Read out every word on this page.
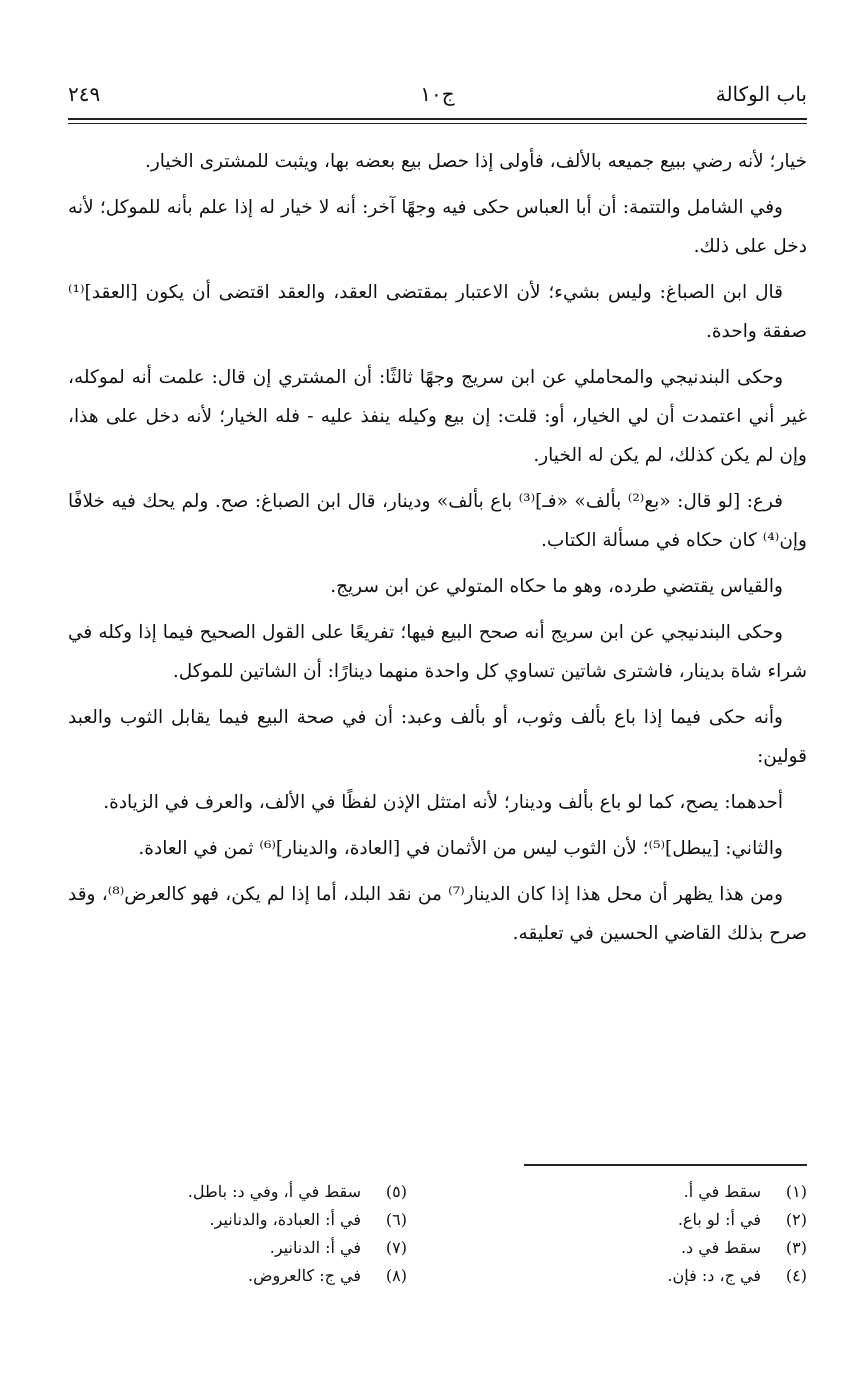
٢٤٩	ج١٠	باب الوكالة

خيار؛ لأنه رضي ببيع جميعه بالألف، فأولى إذا حصل بيع بعضه بها، ويثبت للمشترى الخيار.

وفي الشامل والتتمة: أن أبا العباس حكى فيه وجهًا آخر: أنه لا خيار له إذا علم بأنه للموكل؛ لأنه دخل على ذلك.

قال ابن الصباغ: وليس بشيء؛ لأن الاعتبار بمقتضى العقد، والعقد اقتضى أن يكون [العقد]⁽¹⁾ صفقة واحدة.

وحكى البندنيجي والمحاملي عن ابن سريج وجهًا ثالثًا: أن المشتري إن قال: علمت أنه لموكله، غير أني اعتمدت أن لي الخيار، أو: قلت: إن بيع وكيله ينفذ عليه - فله الخيار؛ لأنه دخل على هذا، وإن لم يكن كذلك، لم يكن له الخيار.

فرع: [لو قال: «بع⁽²⁾ بألف» «فـ]⁽³⁾ باع بألف» ودينار، قال ابن الصباغ: صح. ولم يحك فيه خلافًا وإن⁽⁴⁾ كان حكاه في مسألة الكتاب.

والقياس يقتضي طرده، وهو ما حكاه المتولي عن ابن سريج.

وحكى البندنيجي عن ابن سريج أنه صحح البيع فيها؛ تفريعًا على القول الصحيح فيما إذا وكله في شراء شاة بدينار، فاشترى شاتين تساوي كل واحدة منهما دينارًا: أن الشاتين للموكل.

وأنه حكى فيما إذا باع بألف وثوب، أو بألف وعبد: أن في صحة البيع فيما يقابل الثوب والعبد قولين:

أحدهما: يصح، كما لو باع بألف ودينار؛ لأنه امتثل الإذن لفظًا في الألف، والعرف في الزيادة.

والثاني: [يبطل]⁽⁵⁾؛ لأن الثوب ليس من الأثمان في [العادة، والدينار]⁽⁶⁾ ثمن في العادة.

ومن هذا يظهر أن محل هذا إذا كان الدينار⁽⁷⁾ من نقد البلد، أما إذا لم يكن، فهو كالعرض⁽⁸⁾، وقد صرح بذلك القاضي الحسين في تعليقه.

(١)سقط في أ.
(٢)في أ: لو باع.
(٣)سقط في د.
(٤)في ج، د: فإن.
(٥)سقط في أ، وفي د: باطل.
(٦)في أ: العبادة، والدنانير.
(٧)في أ: الدنانير.
(٨)في ج: كالعروض.
